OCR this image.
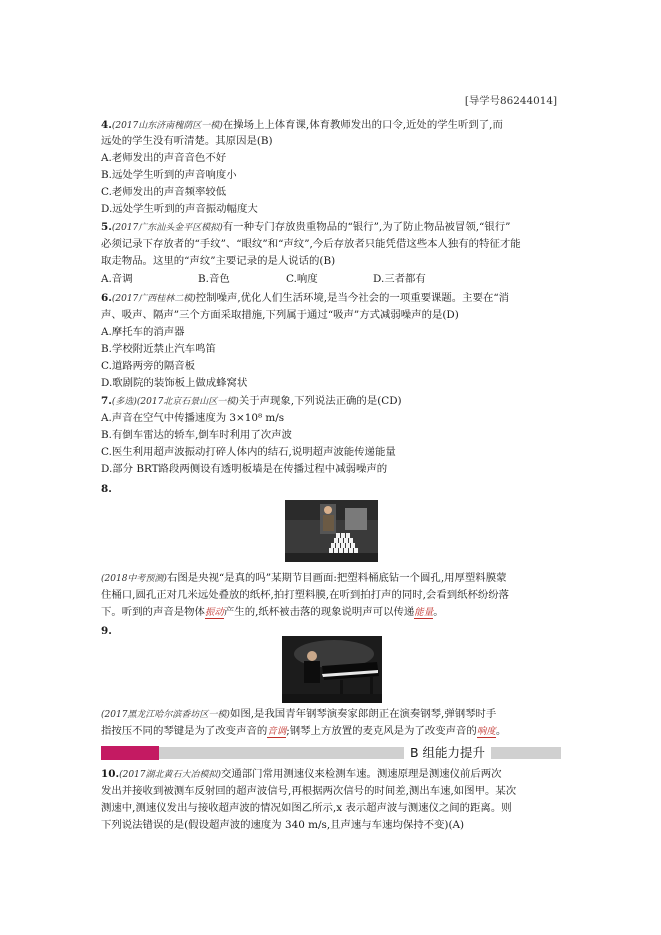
[导学号86244014]
4.(2017山东济南槐荫区一模)在操场上上体育课,体育教师发出的口令,近处的学生听到了,而
远处的学生没有听清楚。其原因是(B)
A.老师发出的声音音色不好
B.远处学生听到的声音响度小
C.老师发出的声音频率较低
D.远处学生听到的声音振动幅度大
5.(2017广东汕头金平区模拟)有一种专门存放贵重物品的“银行”,为了防止物品被冒领,“银行”
必须记录下存放者的“手纹”、“眼纹”和“声纹”,今后存放者只能凭借这些本人独有的特征才能
取走物品。这里的“声纹”主要记录的是人说话的(B)
A.音调	B.音色	C.响度	D.三者都有
6.(2017广西桂林二模)控制噪声,优化人们生活环境,是当今社会的一项重要课题。主要在“消
声、吸声、隔声”三个方面采取措施,下列属于通过“吸声”方式减弱噪声的是(D)
A.摩托车的消声器
B.学校附近禁止汽车鸣笛
C.道路两旁的隔音板
D.歌剧院的装饰板上做成蜂窝状
7.(多选)(2017北京石景山区一模)关于声现象,下列说法正确的是(CD)
A.声音在空气中传播速度为 3×10⁸ m/s
B.有倒车雷达的轿车,倒车时利用了次声波
C.医生利用超声波振动打碎人体内的结石,说明超声波能传递能量
D.部分 BRT路段两侧设有透明板墙是在传播过程中减弱噪声的
8.
(2018中考预测)右图是央视“是真的吗”某期节目画面:把塑料桶底钻一个圆孔,用厚塑料膜蒙
住桶口,圆孔正对几米远处叠放的纸杯,拍打塑料膜,在听到拍打声的同时,会看到纸杯纷纷落
下。听到的声音是物体振动产生的,纸杯被击落的现象说明声可以传递能量。
9.
(2017黑龙江哈尔滨香坊区一模)如图,是我国青年钢琴演奏家郎朗正在演奏钢琴,弹钢琴时手
指按压不同的琴键是为了改变声音的音调;钢琴上方放置的麦克风是为了改变声音的响度。
B 组能力提升
10.(2017湖北黄石大冶模拟)交通部门常用测速仪来检测车速。测速原理是测速仪前后两次
发出并接收到被测车反射回的超声波信号,再根据两次信号的时间差,测出车速,如图甲。某次
测速中,测速仪发出与接收超声波的情况如图乙所示,x 表示超声波与测速仪之间的距离。则
下列说法错误的是(假设超声波的速度为 340 m/s,且声速与车速均保持不变)(A)
